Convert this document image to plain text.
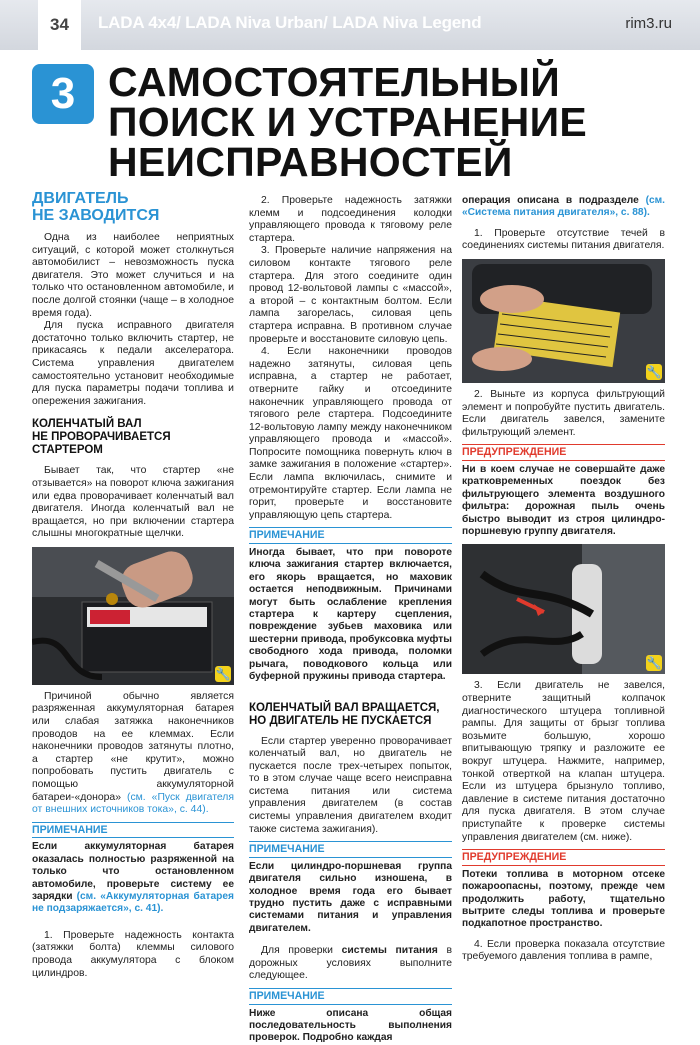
34	LADA 4x4/ LADA Niva Urban/ LADA Niva Legend	rim3.ru
3 САМОСТОЯТЕЛЬНЫЙ
ПОИСК И УСТРАНЕНИЕ
НЕИСПРАВНОСТЕЙ
ДВИГАТЕЛЬ
НЕ ЗАВОДИТСЯ

Одна из наиболее неприятных ситуаций, с которой может столкнуться автомобилист – невозможность пуска двигателя. Это может случиться и на только что остановленном автомобиле, и после долгой стоянки (чаще – в холодное время года).

Для пуска исправного двигателя достаточно только включить стартер, не прикасаясь к педали акселератора. Система управления двигателем самостоятельно установит необходимые для пуска параметры подачи топлива и опережения зажигания.

КОЛЕНЧАТЫЙ ВАЛ
НЕ ПРОВОРАЧИВАЕТСЯ
СТАРТЕРОМ

Бывает так, что стартер «не отзывается» на поворот ключа зажигания или едва проворачивает коленчатый вал двигателя. Иногда коленчатый вал не вращается, но при включении стартера слышны многократные щелчки.

🔧

Причиной обычно является разряженная аккумуляторная батарея или слабая затяжка наконечников проводов на ее клеммах. Если наконечники проводов затянуты плотно, а стартер «не крутит», можно попробовать пустить двигатель с помощью аккумуляторной батареи-«донора» (см. «Пуск двигателя от внешних источников тока», с. 44).

ПРИМЕЧАНИЕ
Если аккумуляторная батарея оказалась полностью разряженной на только что остановленном автомобиле, проверьте систему ее зарядки (см. «Аккумуляторная батарея не подзаряжается», с. 41).

1. Проверьте надежность контакта (затяжки болта) клеммы силового провода аккумулятора с блоком цилиндров.

2. Проверьте надежность затяжки клемм и подсоединения колодки управляющего провода к тяговому реле стартера.

3. Проверьте наличие напряжения на силовом контакте тягового реле стартера. Для этого соедините один провод 12-вольтовой лампы с «массой», а второй – с контактным болтом. Если лампа загорелась, силовая цепь стартера исправна. В противном случае проверьте и восстановите силовую цепь.

4. Если наконечники проводов надежно затянуты, силовая цепь исправна, а стартер не работает, отверните гайку и отсоедините наконечник управляющего провода от тягового реле стартера. Подсоедините 12-вольтовую лампу между наконечником управляющего провода и «массой». Попросите помощника повернуть ключ в замке зажигания в положение «стартер». Если лампа включилась, снимите и отремонтируйте стартер. Если лампа не горит, проверьте и восстановите управляющую цепь стартера.

ПРИМЕЧАНИЕ
Иногда бывает, что при повороте ключа зажигания стартер включается, его якорь вращается, но маховик остается неподвижным. Причинами могут быть ослабление крепления стартера к картеру сцепления, повреждение зубьев маховика или шестерни привода, пробуксовка муфты свободного хода привода, поломки рычага, поводкового кольца или буферной пружины привода стартера.
КОЛЕНЧАТЫЙ ВАЛ ВРАЩАЕТСЯ,
НО ДВИГАТЕЛЬ НЕ ПУСКАЕТСЯ

Если стартер уверенно проворачивает коленчатый вал, но двигатель не пускается после трех-четырех попыток, то в этом случае чаще всего неисправна система питания или система управления двигателем (в состав системы управления двигателем входит также система зажигания).

ПРИМЕЧАНИЕ
Если цилиндро-поршневая группа двигателя сильно изношена, в холодное время года его бывает трудно пустить даже с исправными системами питания и управления двигателем.

Для проверки системы питания в дорожных условиях выполните следующее.

ПРИМЕЧАНИЕ
Ниже описана общая последовательность выполнения проверок. Подробно каждая
операция описана в подразделе (см. «Система питания двигателя», с. 88).

1. Проверьте отсутствие течей в соединениях системы питания двигателя.

🔧

2. Выньте из корпуса фильтрующий элемент и попробуйте пустить двигатель. Если двигатель завелся, замените фильтрующий элемент.

ПРЕДУПРЕЖДЕНИЕ
Ни в коем случае не совершайте даже кратковременных поездок без фильтрующего элемента воздушного фильтра: дорожная пыль очень быстро выводит из строя цилиндро-поршневую группу двигателя.
🔧

3. Если двигатель не завелся, отверните защитный колпачок диагностического штуцера топливной рампы. Для защиты от брызг топлива возьмите большую, хорошо впитывающую тряпку и разложите ее вокруг штуцера. Нажмите, например, тонкой отверткой на клапан штуцера. Если из штуцера брызнуло топливо, давление в системе питания достаточно для пуска двигателя. В этом случае приступайте к проверке системы управления двигателем (см. ниже).

ПРЕДУПРЕЖДЕНИЕ
Потеки топлива в моторном отсеке пожароопасны, поэтому, прежде чем продолжить работу, тщательно вытрите следы топлива и проверьте подкапотное пространство.

4. Если проверка показала отсутствие требуемого давления топлива в рампе,
